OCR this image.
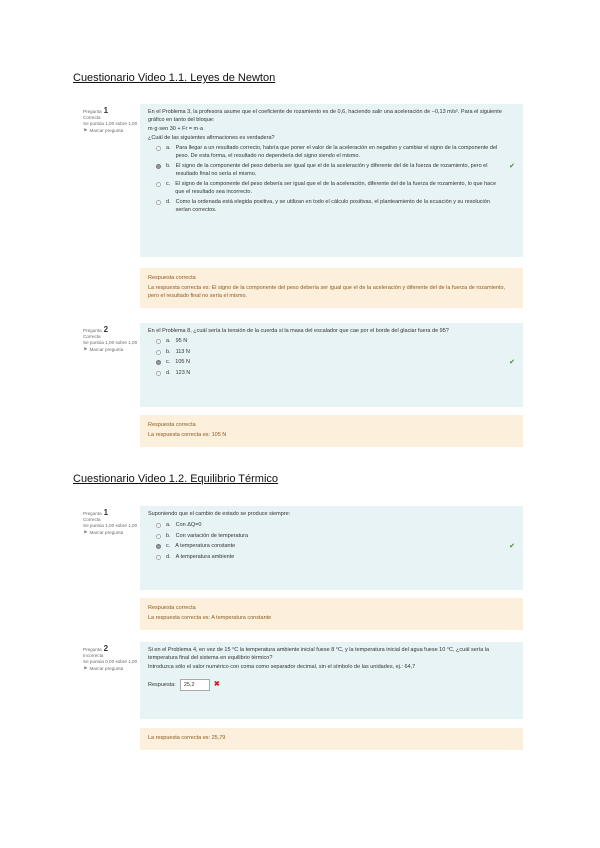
Cuestionario Video 1.1. Leyes de Newton
Pregunta 1
Correcta
Se puntúa 1,00 sobre 1,00
⚑ Marcar pregunta

En el Problema 3, la profesora asume que el coeficiente de rozamiento es de 0,6, haciendo salir una aceleración de −0,13 m/s². Para el siguiente gráfico en tanto del bloque:

m·g·sen 30 + Fr = m·a

¿Cuál de las siguientes afirmaciones es verdadera?

a. Para llegar a un resultado correcto, habría que poner el valor de la aceleración en negativo y cambiar el signo de la componente del peso. De esta forma, el resultado no dependería del signo siendo el mismo.
b. El signo de la componente del peso debería ser igual que el de la aceleración y diferente del de la fuerza de rozamiento, pero el resultado final no sería el mismo.
✔
c. El signo de la componente del peso debería ser igual que el de la aceleración, diferente del de la fuerza de rozamiento, lo que hace que el resultado sea incorrecto.
d. Como la ordenada está elegida positiva, y se utilizan en todo el cálculo positivas, el planteamiento de la ecuación y su resolución serían correctos.

Respuesta correcta

La respuesta correcta es: El signo de la componente del peso debería ser igual que el de la aceleración y diferente del de la fuerza de rozamiento, pero el resultado final no sería el mismo.

Pregunta 2
Correcta
Se puntúa 1,00 sobre 1,00
⚑ Marcar pregunta

En el Problema 8, ¿cuál sería la tensión de la cuerda si la masa del escalador que cae por el borde del glaciar fuera de 95?

a. 95 N
b. 113 N
c. 105 N	✔
d. 123 N

Respuesta correcta

La respuesta correcta es: 105 N

Cuestionario Video 1.2. Equilibrio Térmico
Pregunta 1
Correcta
Se puntúa 1,00 sobre 1,00
⚑ Marcar pregunta

Suponiendo que el cambio de estado se produce siempre:

a. Con ΔQ=0
b. Con variación de temperatura
c. A temperatura constante	✔
d. A temperatura ambiente

Respuesta correcta

La respuesta correcta es: A temperatura constante

Pregunta 2
Incorrecta
Se puntúa 0,00 sobre 1,00
⚑ Marcar pregunta

Si en el Problema 4, en vez de 15 °C la temperatura ambiente inicial fuese 8 °C, y la temperatura inicial del agua fuese 10 °C, ¿cuál sería la temperatura final del sistema en equilibrio térmico?

Introduzca sólo el valor numérico con coma como separador decimal, sin el símbolo de las unidades, ej.: 64,7

Respuesta:	25,2	✖

La respuesta correcta es: 25,79
